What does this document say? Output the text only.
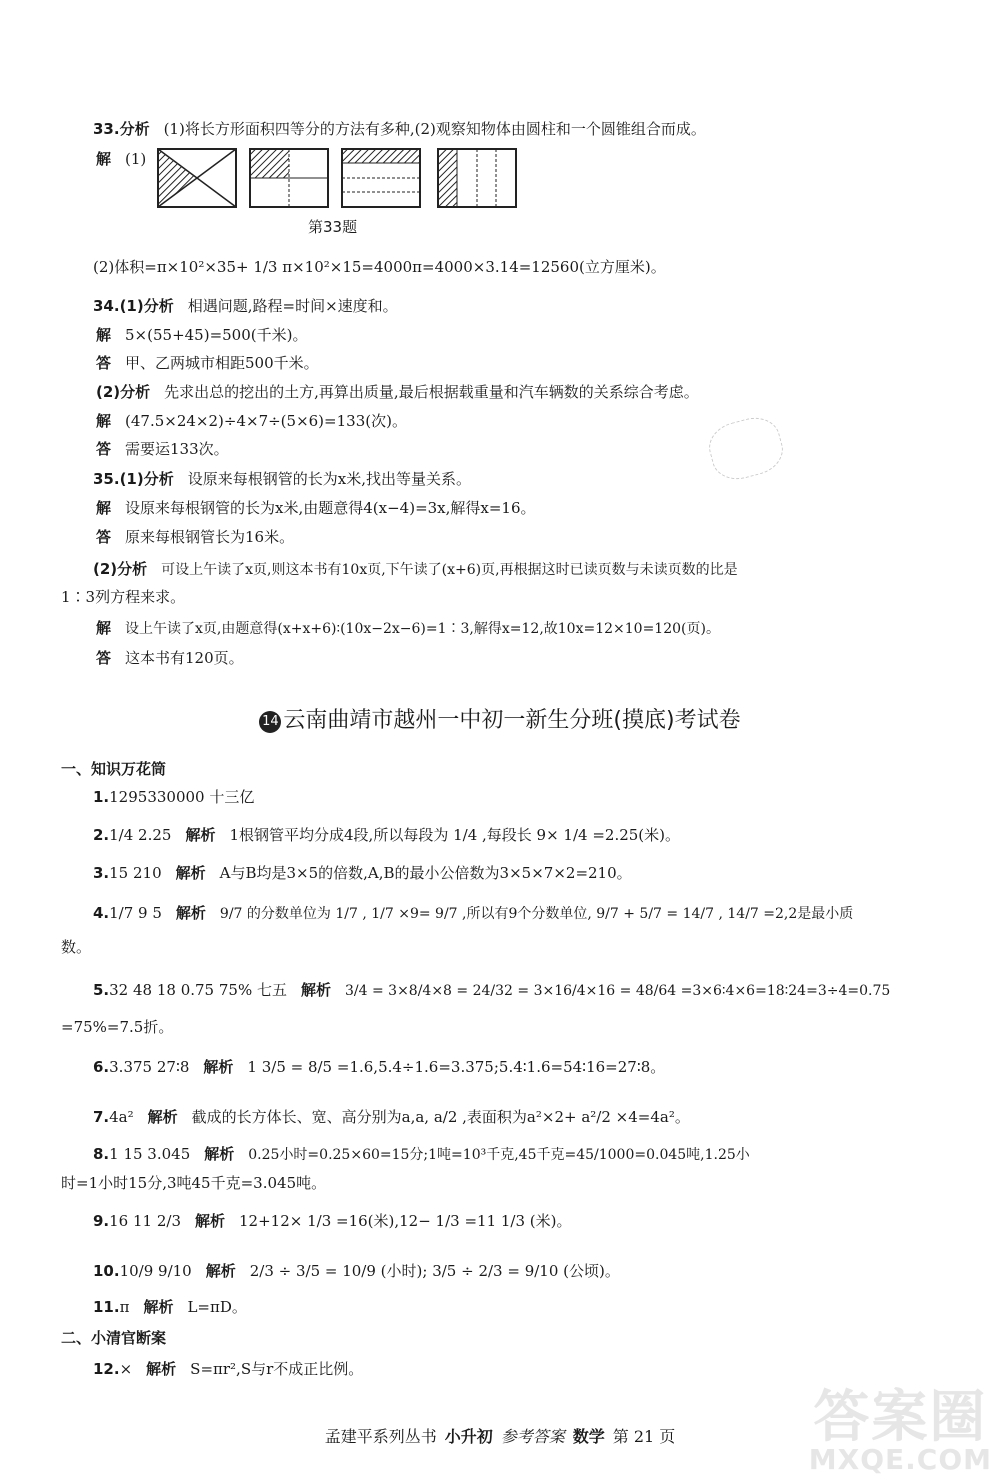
33.分析 (1)将长方形面积四等分的方法有多种,(2)观察知物体由圆柱和一个圆锥组合而成。
解 (1)
第33题
(2)体积=π×10²×35+ 1/3 π×10²×15=4000π=4000×3.14=12560(立方厘米)。
34.(1)分析 相遇问题,路程=时间×速度和。
解 5×(55+45)=500(千米)。
答 甲、乙两城市相距500千米。
(2)分析 先求出总的挖出的土方,再算出质量,最后根据载重量和汽车辆数的关系综合考虑。
解 (47.5×24×2)÷4×7÷(5×6)=133(次)。
答 需要运133次。
35.(1)分析 设原来每根钢管的长为x米,找出等量关系。
解 设原来每根钢管的长为x米,由题意得4(x−4)=3x,解得x=16。
答 原来每根钢管长为16米。
(2)分析 可设上午读了x页,则这本书有10x页,下午读了(x+6)页,再根据这时已读页数与未读页数的比是
1∶3列方程来求。
解 设上午读了x页,由题意得(x+x+6)∶(10x−2x−6)=1∶3,解得x=12,故10x=12×10=120(页)。
答 这本书有120页。
14 云南曲靖市越州一中初一新生分班(摸底)考试卷
一、知识万花筒
1.1295330000 十三亿
2.1/4 2.25 解析 1根钢管平均分成4段,所以每段为 1/4 ,每段长 9× 1/4 =2.25(米)。
3.15 210 解析 A与B均是3×5的倍数,A,B的最小公倍数为3×5×7×2=210。
4.1/7 9 5 解析 9/7 的分数单位为 1/7 , 1/7 ×9= 9/7 ,所以有9个分数单位, 9/7 + 5/7 = 14/7 , 14/7 =2,2是最小质
数。
5.32 48 18 0.75 75% 七五 解析 3/4 = 3×8/4×8 = 24/32 = 3×16/4×16 = 48/64 =3×6∶4×6=18∶24=3÷4=0.75
=75%=7.5折。
6.3.375 27∶8 解析 1 3/5 = 8/5 =1.6,5.4÷1.6=3.375;5.4∶1.6=54∶16=27∶8。
7.4a² 解析 截成的长方体长、宽、高分别为a,a, a/2 ,表面积为a²×2+ a²/2 ×4=4a²。
8.1 15 3.045 解析 0.25小时=0.25×60=15分;1吨=10³千克,45千克=45/1000=0.045吨,1.25小
时=1小时15分,3吨45千克=3.045吨。
9.16 11 2/3 解析 12+12× 1/3 =16(米),12− 1/3 =11 1/3 (米)。
10.10/9 9/10 解析 2/3 ÷ 3/5 = 10/9 (小时); 3/5 ÷ 2/3 = 9/10 (公顷)。
11.π 解析 L=πD。
二、小清官断案
12.× 解析 S=πr²,S与r不成正比例。
孟建平系列丛书 小升初 参考答案 数学 第 21 页	答案圈
MXQE.COM
